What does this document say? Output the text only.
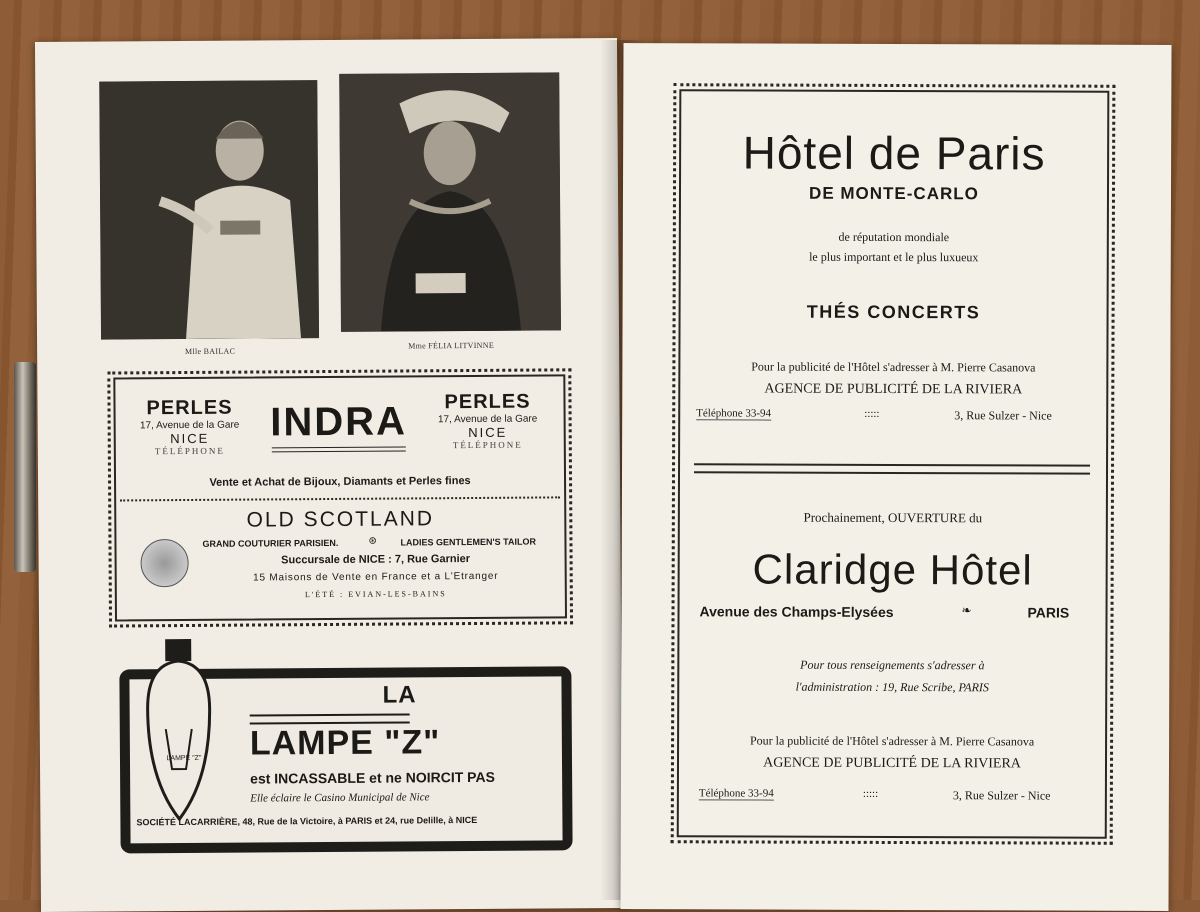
Mlle BAILAC
Mme FÉLIA LITVINNE
PERLES
17, Avenue de la Gare
NICE
TÉLÉPHONE
INDRA	PERLES
17, Avenue de la Gare
NICE
TÉLÉPHONE
Vente et Achat de Bijoux, Diamants et Perles fines
OLD SCOTLAND
GRAND COUTURIER PARISIEN.	⊛	LADIES GENTLEMEN'S TAILOR
Succursale de NICE : 7, Rue Garnier
15 Maisons de Vente en France et a L'Etranger
L'ÉTÉ : EVIAN-LES-BAINS
LAMPE "Z"
LA
LAMPE "Z"
est INCASSABLE et ne NOIRCIT PAS
Elle éclaire le Casino Municipal de Nice
SOCIÉTÉ LACARRIÈRE, 48, Rue de la Victoire, à PARIS et 24, rue Delille, à NICE
Hôtel de Paris
DE MONTE-CARLO
de réputation mondiale
le plus important et le plus luxueux
THÉS CONCERTS
Pour la publicité de l'Hôtel s'adresser à M. Pierre Casanova
AGENCE DE PUBLICITÉ DE LA RIVIERA
Téléphone 33-94	:::::	3, Rue Sulzer - Nice
Prochainement, OUVERTURE du
Claridge Hôtel
Avenue des Champs-Elysées	❧	PARIS
Pour tous renseignements s'adresser à
l'administration : 19, Rue Scribe, PARIS
Pour la publicité de l'Hôtel s'adresser à M. Pierre Casanova
AGENCE DE PUBLICITÉ DE LA RIVIERA
Téléphone 33-94	:::::	3, Rue Sulzer - Nice
